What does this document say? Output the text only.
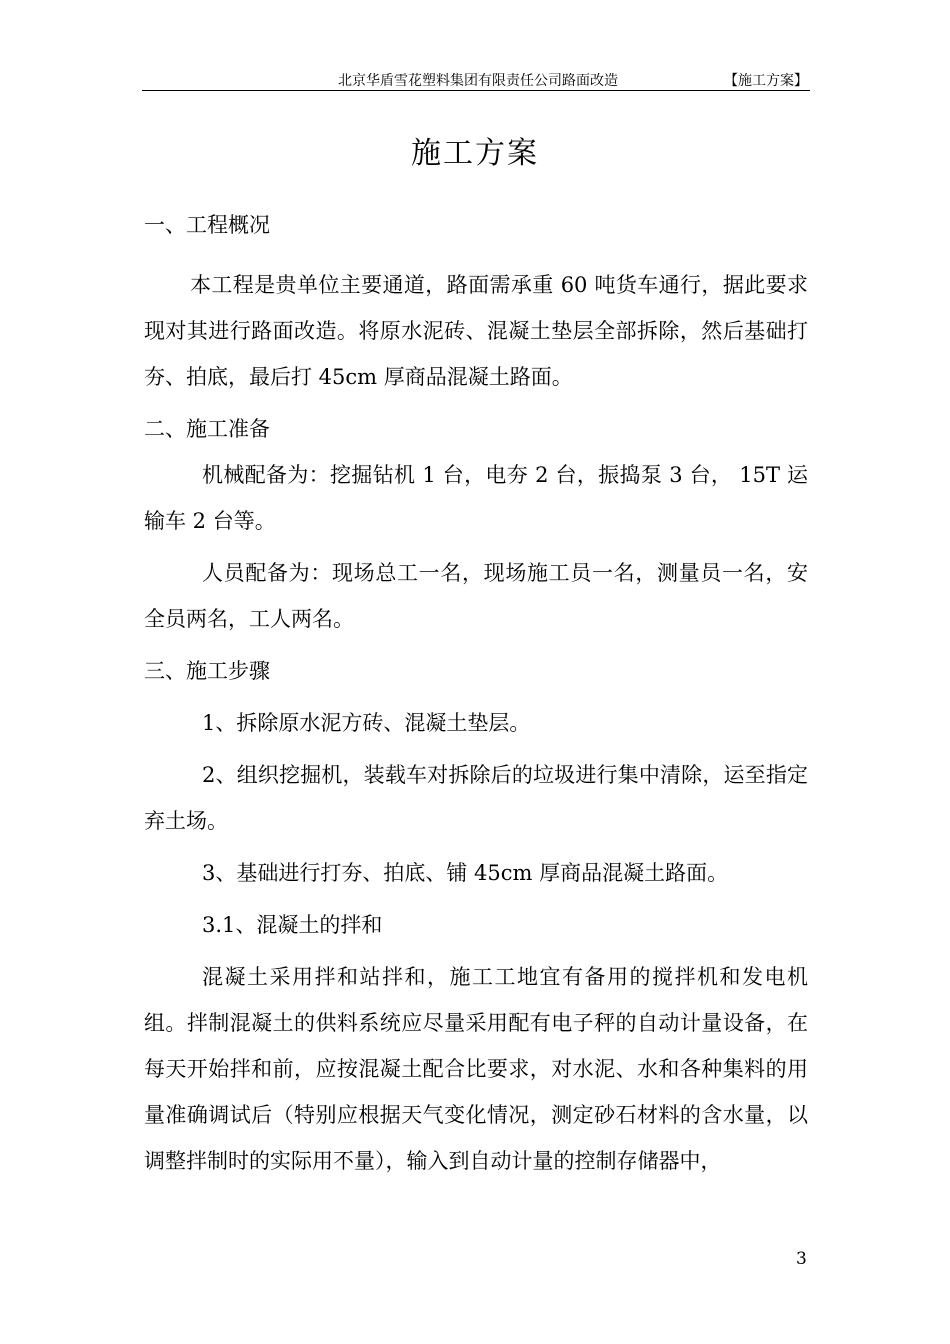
北京华盾雪花塑料集团有限责任公司路面改造	【施工方案】
施工方案

一、工程概况

本工程是贵单位主要通道，路面需承重 60 吨货车通行，据此要求现对其进行路面改造。将原水泥砖、混凝土垫层全部拆除，然后基础打夯、拍底，最后打 45cm 厚商品混凝土路面。

二、施工准备

机械配备为：挖掘钻机 1 台，电夯 2 台，振捣泵 3 台， 15T 运输车 2 台等。

人员配备为：现场总工一名，现场施工员一名，测量员一名，安全员两名，工人两名。

三、施工步骤

1、拆除原水泥方砖、混凝土垫层。

2、组织挖掘机，装载车对拆除后的垃圾进行集中清除，运至指定弃土场。

3、基础进行打夯、拍底、铺 45cm 厚商品混凝土路面。

3.1、混凝土的拌和

混凝土采用拌和站拌和，施工工地宜有备用的搅拌机和发电机组。拌制混凝土的供料系统应尽量采用配有电子秤的自动计量设备，在每天开始拌和前，应按混凝土配合比要求，对水泥、水和各种集料的用量准确调试后（特别应根据天气变化情况，测定砂石材料的含水量，以调整拌制时的实际用不量），输入到自动计量的控制存储器中，

3
